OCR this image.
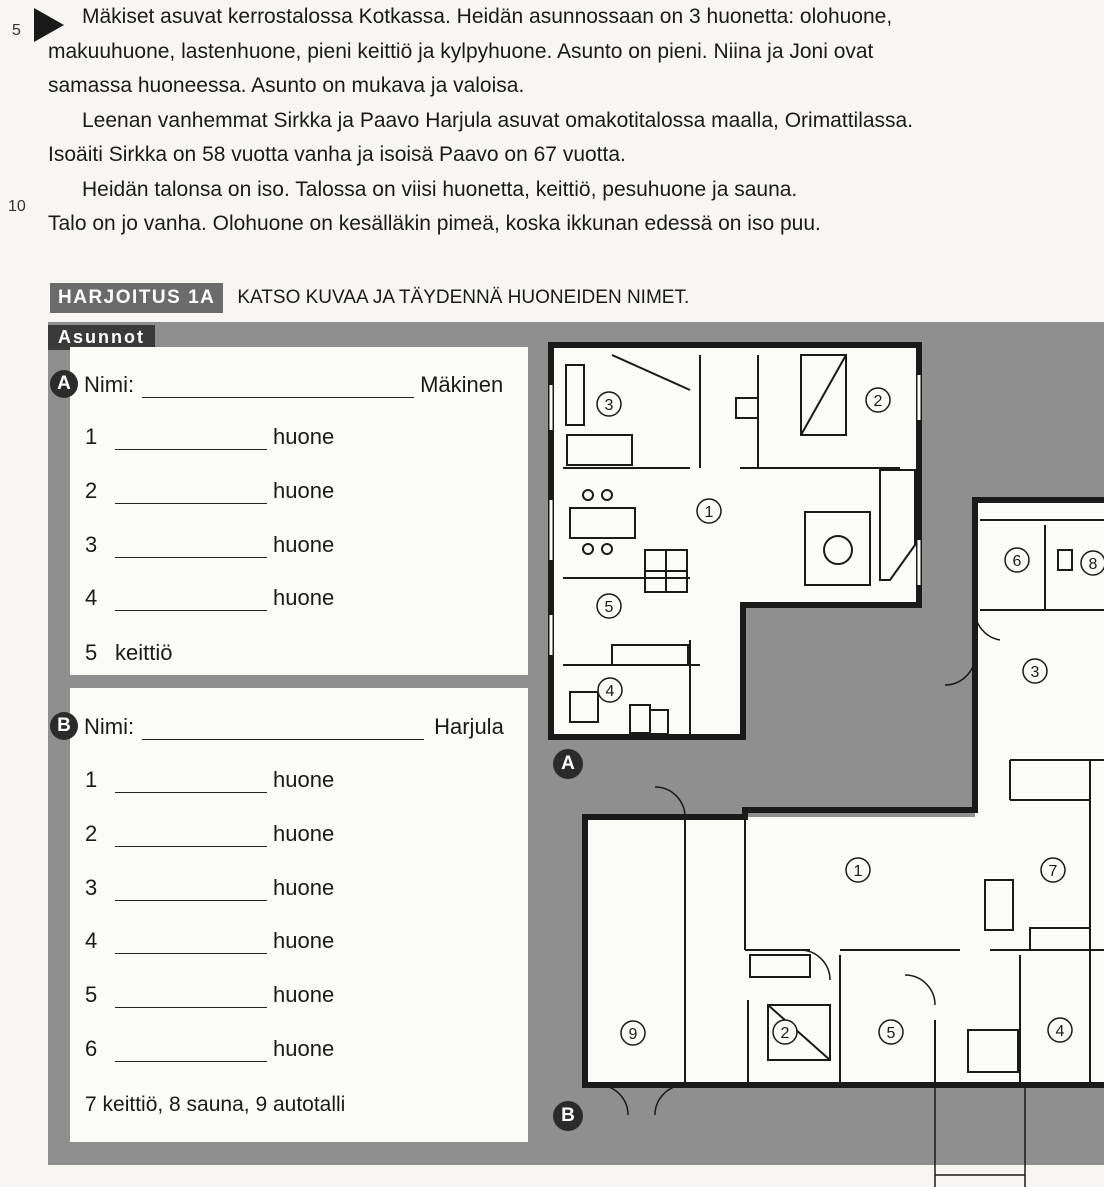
5
10

Mäkiset asuvat kerrostalossa Kotkassa. Heidän asunnossaan on 3 huonetta: olohuone,

makuuhuone, lastenhuone, pieni keittiö ja kylpyhuone. Asunto on pieni. Niina ja Joni ovat

samassa huoneessa. Asunto on mukava ja valoisa.

Leenan vanhemmat Sirkka ja Paavo Harjula asuvat omakotitalossa maalla, Orimattilassa.

Isoäiti Sirkka on 58 vuotta vanha ja isoisä Paavo on 67 vuotta.

Heidän talonsa on iso. Talossa on viisi huonetta, keittiö, pesuhuone ja sauna.

Talo on jo vanha. Olohuone on kesälläkin pimeä, koska ikkunan edessä on iso puu.

HARJOITUS 1A	KATSO KUVAA JA TÄYDENNÄ HUONEIDEN NIMET.
Asunnot
A Nimi:	Mäkinen
1	huone
2	huone
3	huone
4	huone
5 keittiö
B Nimi:	Harjula
1	huone
2	huone
3	huone
4	huone
5	huone
6	huone
7 keittiö, 8 sauna, 9 autotalli
1
2
3
4
5
1
2
3
4
5
6
7
8
9
A
B
